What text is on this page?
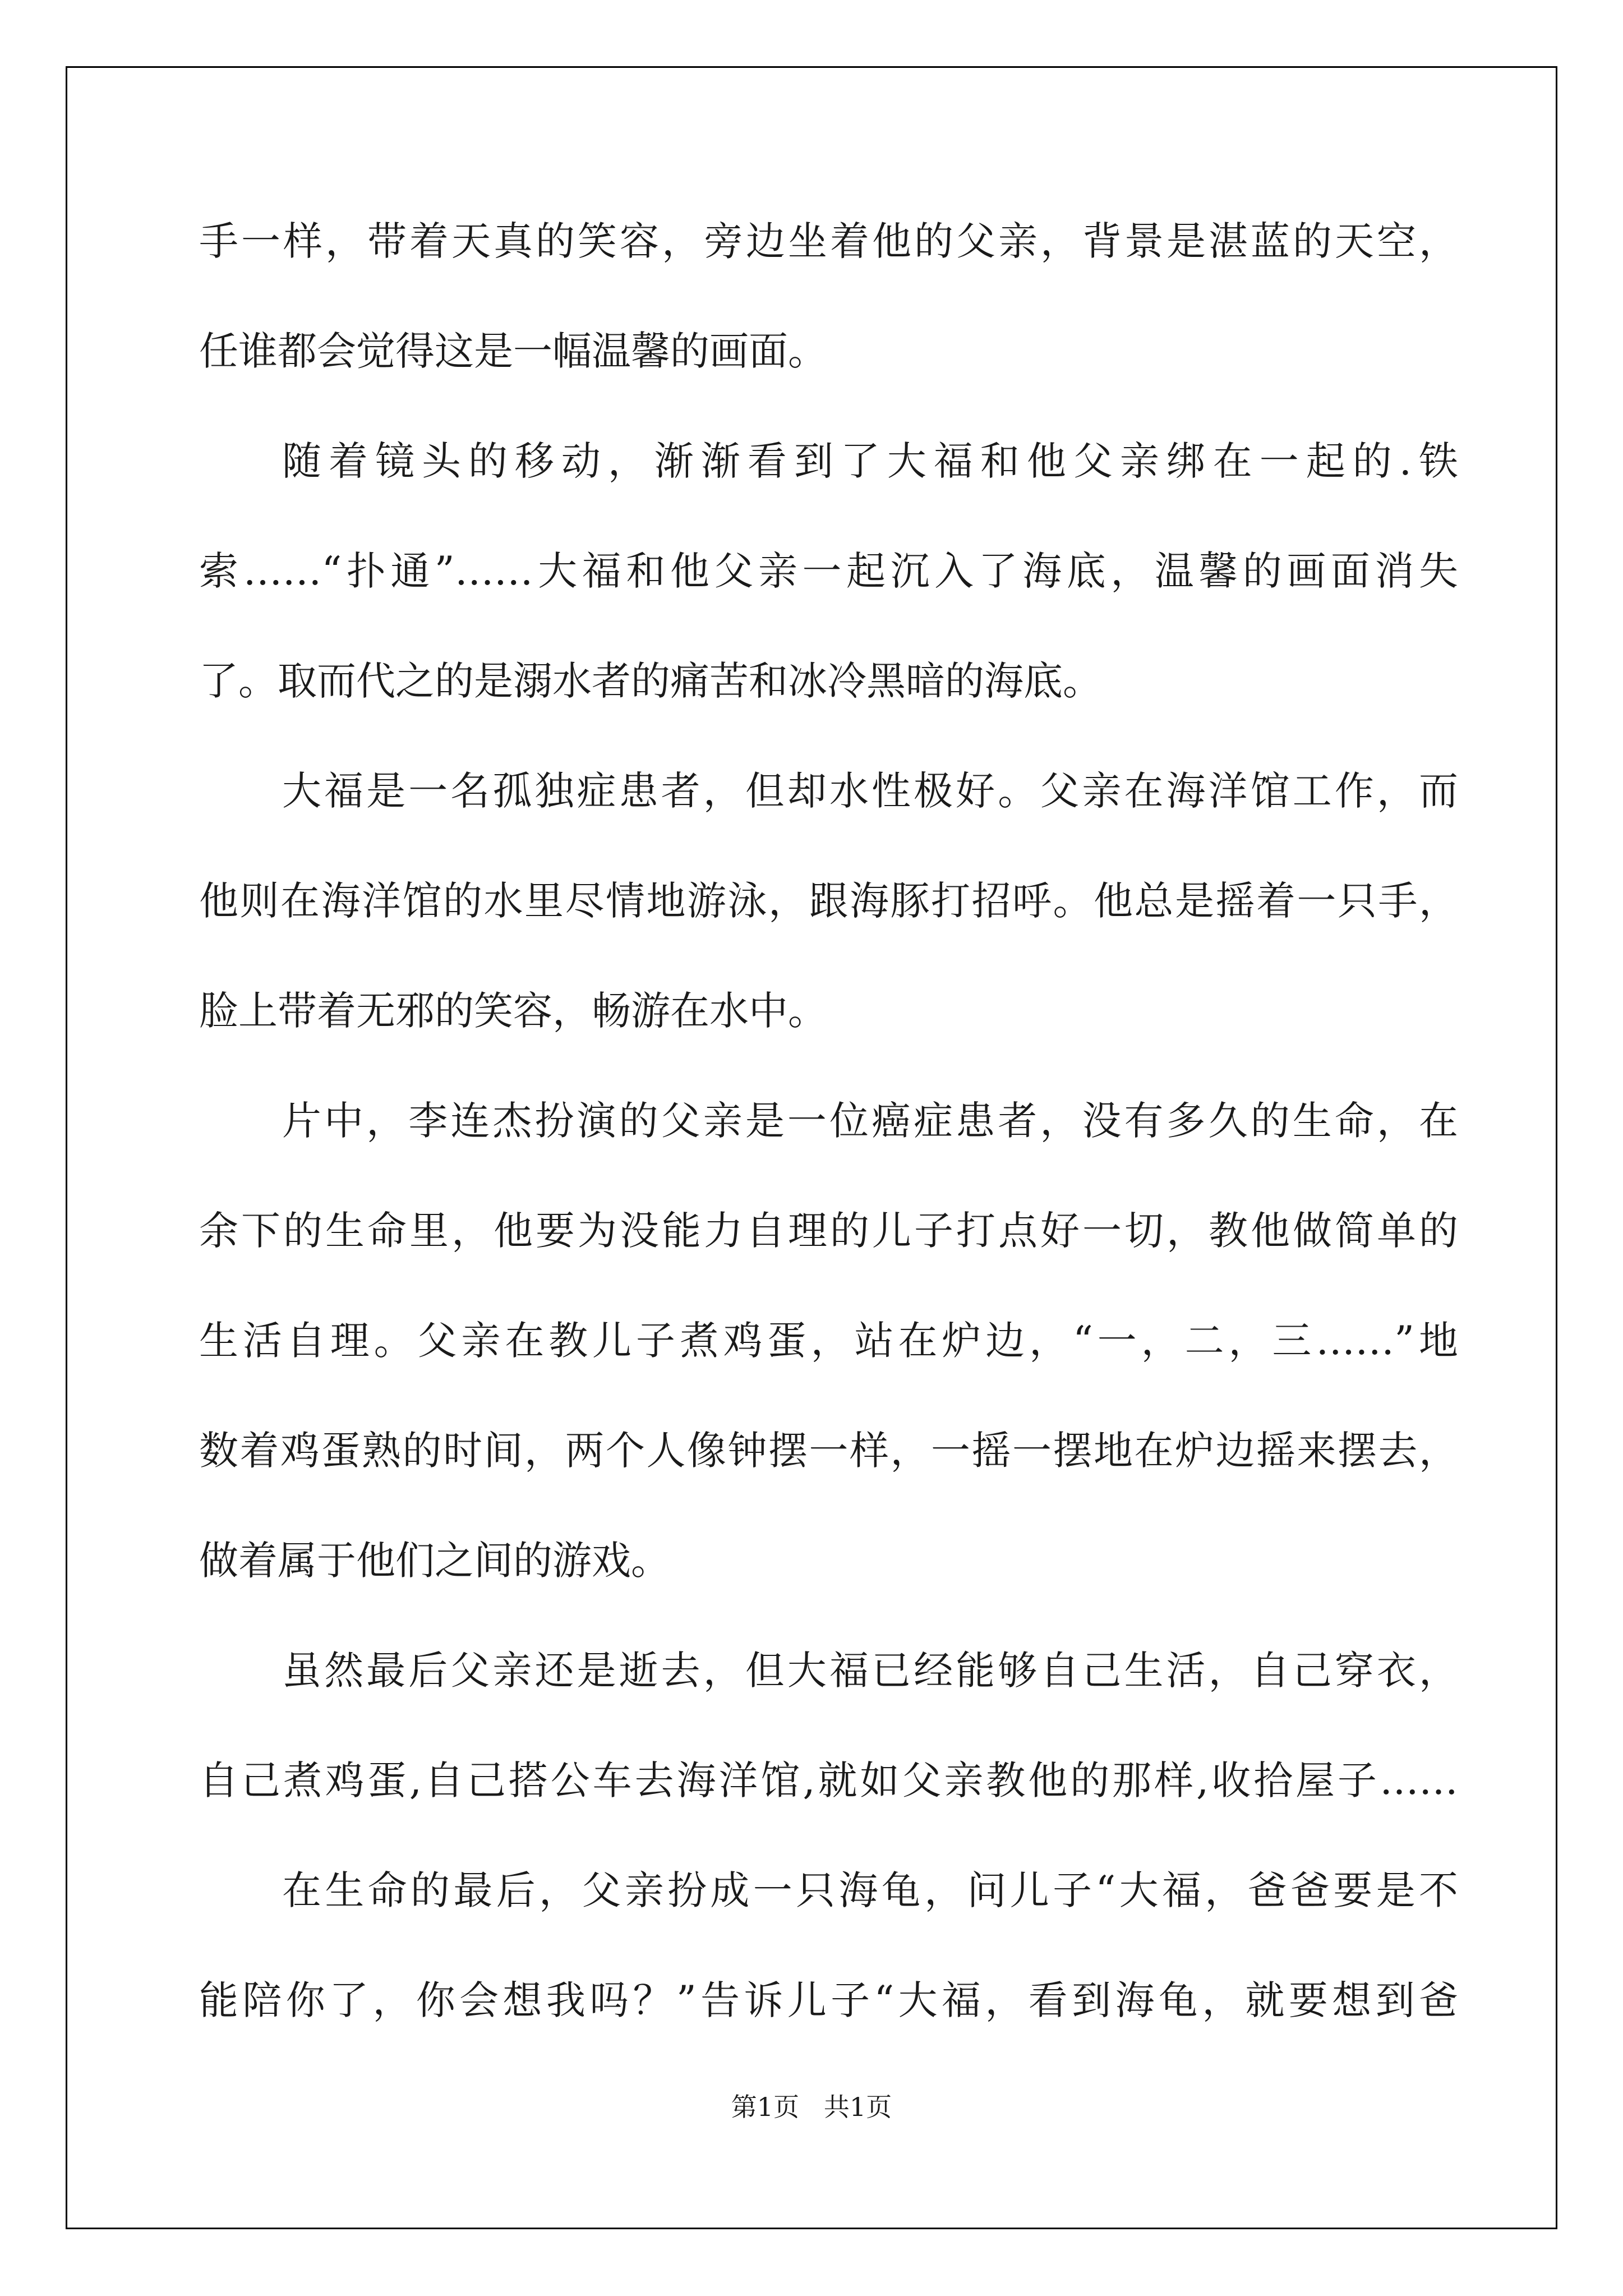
手一样，带着天真的笑容，旁边坐着他的父亲，背景是湛蓝的天空，
任谁都会觉得这是一幅温馨的画面。
随着镜头的移动，渐渐看到了大福和他父亲绑在一起的.铁
索……“扑通”……大福和他父亲一起沉入了海底，温馨的画面消失
了。取而代之的是溺水者的痛苦和冰冷黑暗的海底。
大福是一名孤独症患者，但却水性极好。父亲在海洋馆工作，而
他则在海洋馆的水里尽情地游泳，跟海豚打招呼。他总是摇着一只手，
脸上带着无邪的笑容，畅游在水中。
片中，李连杰扮演的父亲是一位癌症患者，没有多久的生命，在
余下的生命里，他要为没能力自理的儿子打点好一切，教他做简单的
生活自理。父亲在教儿子煮鸡蛋，站在炉边，“一，二，三……”地
数着鸡蛋熟的时间，两个人像钟摆一样，一摇一摆地在炉边摇来摆去，
做着属于他们之间的游戏。
虽然最后父亲还是逝去，但大福已经能够自己生活，自己穿衣，
自己煮鸡蛋,自己搭公车去海洋馆,就如父亲教他的那样,收拾屋子……
在生命的最后，父亲扮成一只海龟，问儿子“大福，爸爸要是不
能陪你了，你会想我吗？”告诉儿子“大福，看到海龟，就要想到爸
第1页   共1页
